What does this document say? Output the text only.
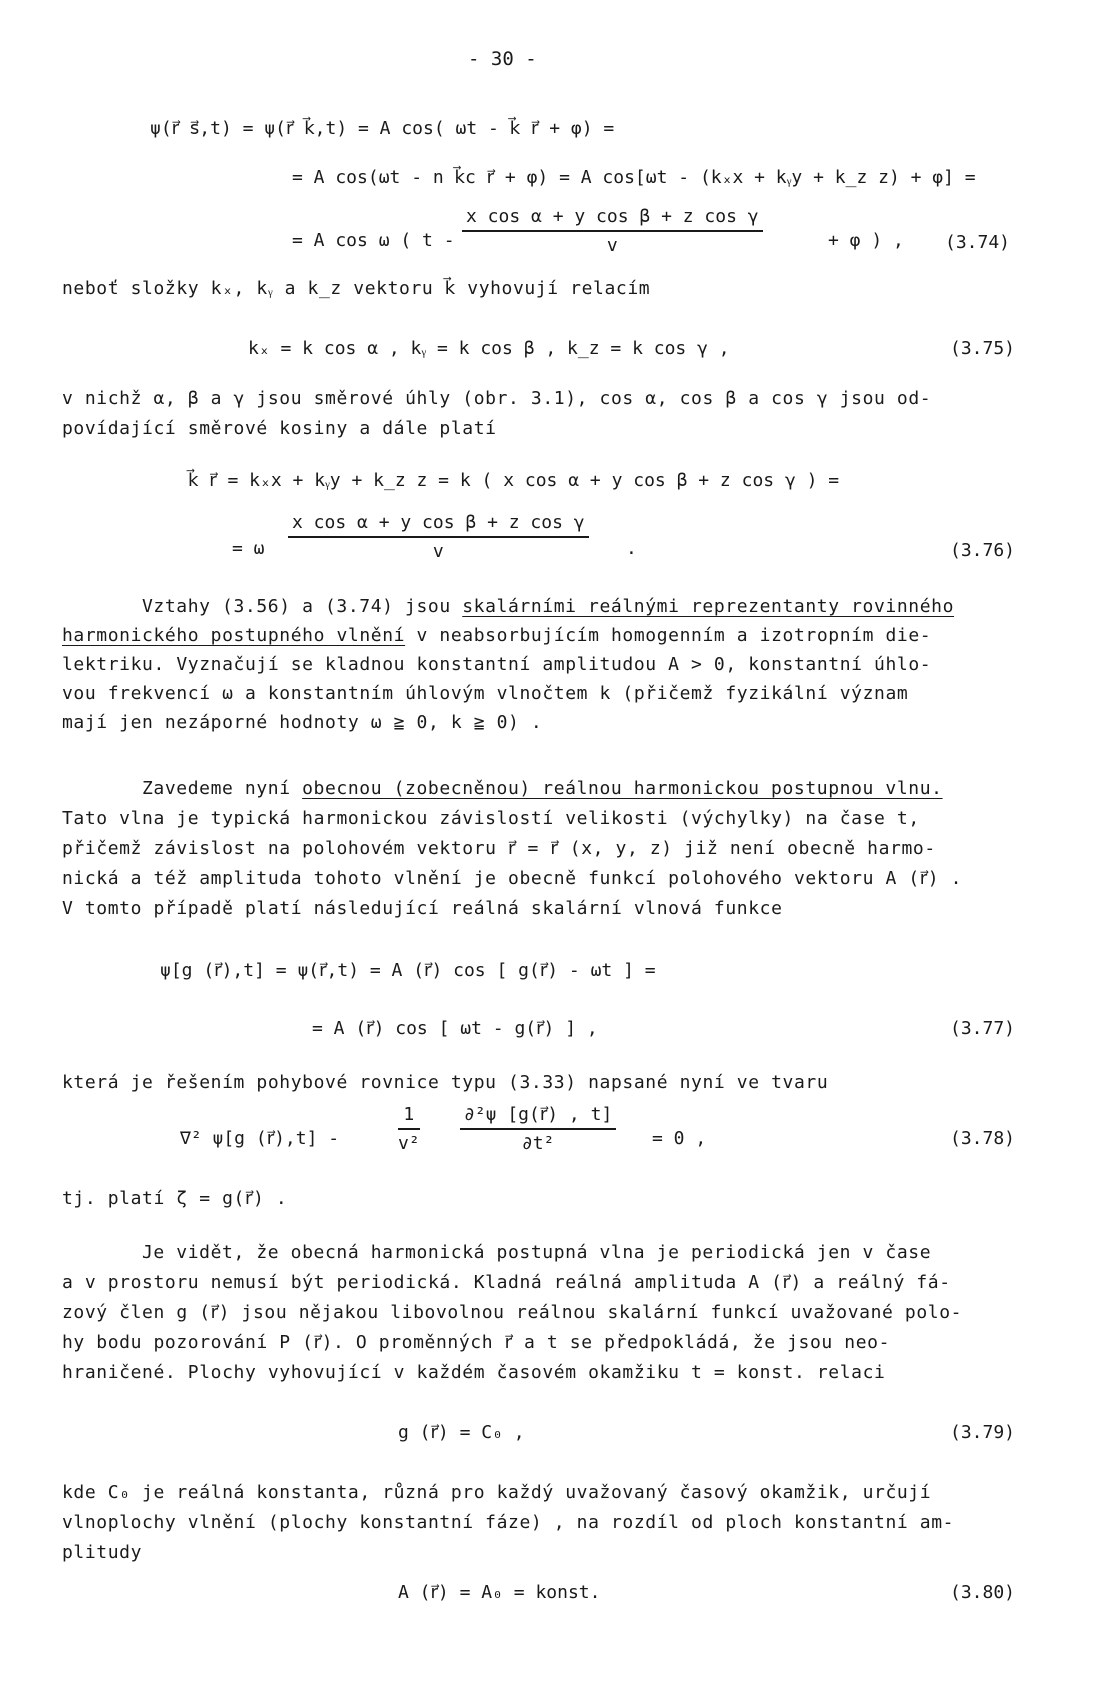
- 30 -
ψ(r⃗ s⃗,t) = ψ(r⃗ k⃗,t) = A cos( ωt - k⃗ r⃗ + φ) =
= A cos(ωt - n k⃗c r⃗ + φ) = A cos[ωt - (kₓx + kᵧy + k_z z) + φ] =
= A cos ω ( t -
x cos α + y cos β + z cos γ
v	+ φ ) , (3.74)
neboť složky kₓ, kᵧ a k_z vektoru k⃗ vyhovují relacím
kₓ = k cos α , kᵧ = k cos β , k_z = k cos γ ,	(3.75)
v nichž α, β a γ jsou směrové úhly (obr. 3.1), cos α, cos β a cos γ jsou od-
povídající směrové kosiny a dále platí
k⃗ r⃗ = kₓx + kᵧy + k_z z = k ( x cos α + y cos β + z cos γ ) =
= ω
x cos α + y cos β + z cos γ
v	.	(3.76)
Vztahy (3.56) a (3.74) jsou skalárními reálnými reprezentanty rovinného
harmonického postupného vlnění v neabsorbujícím homogenním a izotropním die-
lektriku. Vyznačují se kladnou konstantní amplitudou A > 0, konstantní úhlo-
vou frekvencí ω a konstantním úhlovým vlnočtem k (přičemž fyzikální význam
mají jen nezáporné hodnoty ω ≧ 0, k ≧ 0) .
Zavedeme nyní obecnou (zobecněnou) reálnou harmonickou postupnou vlnu.
Tato vlna je typická harmonickou závislostí velikosti (výchylky) na čase t,
přičemž závislost na polohovém vektoru r⃗ = r⃗ (x, y, z) již není obecně harmo-
nická a též amplituda tohoto vlnění je obecně funkcí polohového vektoru A (r⃗) .
V tomto případě platí následující reálná skalární vlnová funkce
ψ[g (r⃗),t] = ψ(r⃗,t) = A (r⃗) cos [ g(r⃗) - ωt ] =
= A (r⃗) cos [ ωt - g(r⃗) ] ,	(3.77)
která je řešením pohybové rovnice typu (3.33) napsané nyní ve tvaru
∇² ψ[g (r⃗),t] -
1
v²
∂²ψ [g(r⃗) , t]
∂t²	= 0 ,	(3.78)
tj. platí ζ = g(r⃗) .
Je vidět, že obecná harmonická postupná vlna je periodická jen v čase
a v prostoru nemusí být periodická. Kladná reálná amplituda A (r⃗) a reálný fá-
zový člen g (r⃗) jsou nějakou libovolnou reálnou skalární funkcí uvažované polo-
hy bodu pozorování P (r⃗). O proměnných r⃗ a t se předpokládá, že jsou neo-
hraničené. Plochy vyhovující v každém časovém okamžiku t = konst. relaci
g (r⃗) = C₀ ,	(3.79)
kde C₀ je reálná konstanta, různá pro každý uvažovaný časový okamžik, určují
vlnoplochy vlnění (plochy konstantní fáze) , na rozdíl od ploch konstantní am-
plitudy
A (r⃗) = A₀ = konst.	(3.80)
